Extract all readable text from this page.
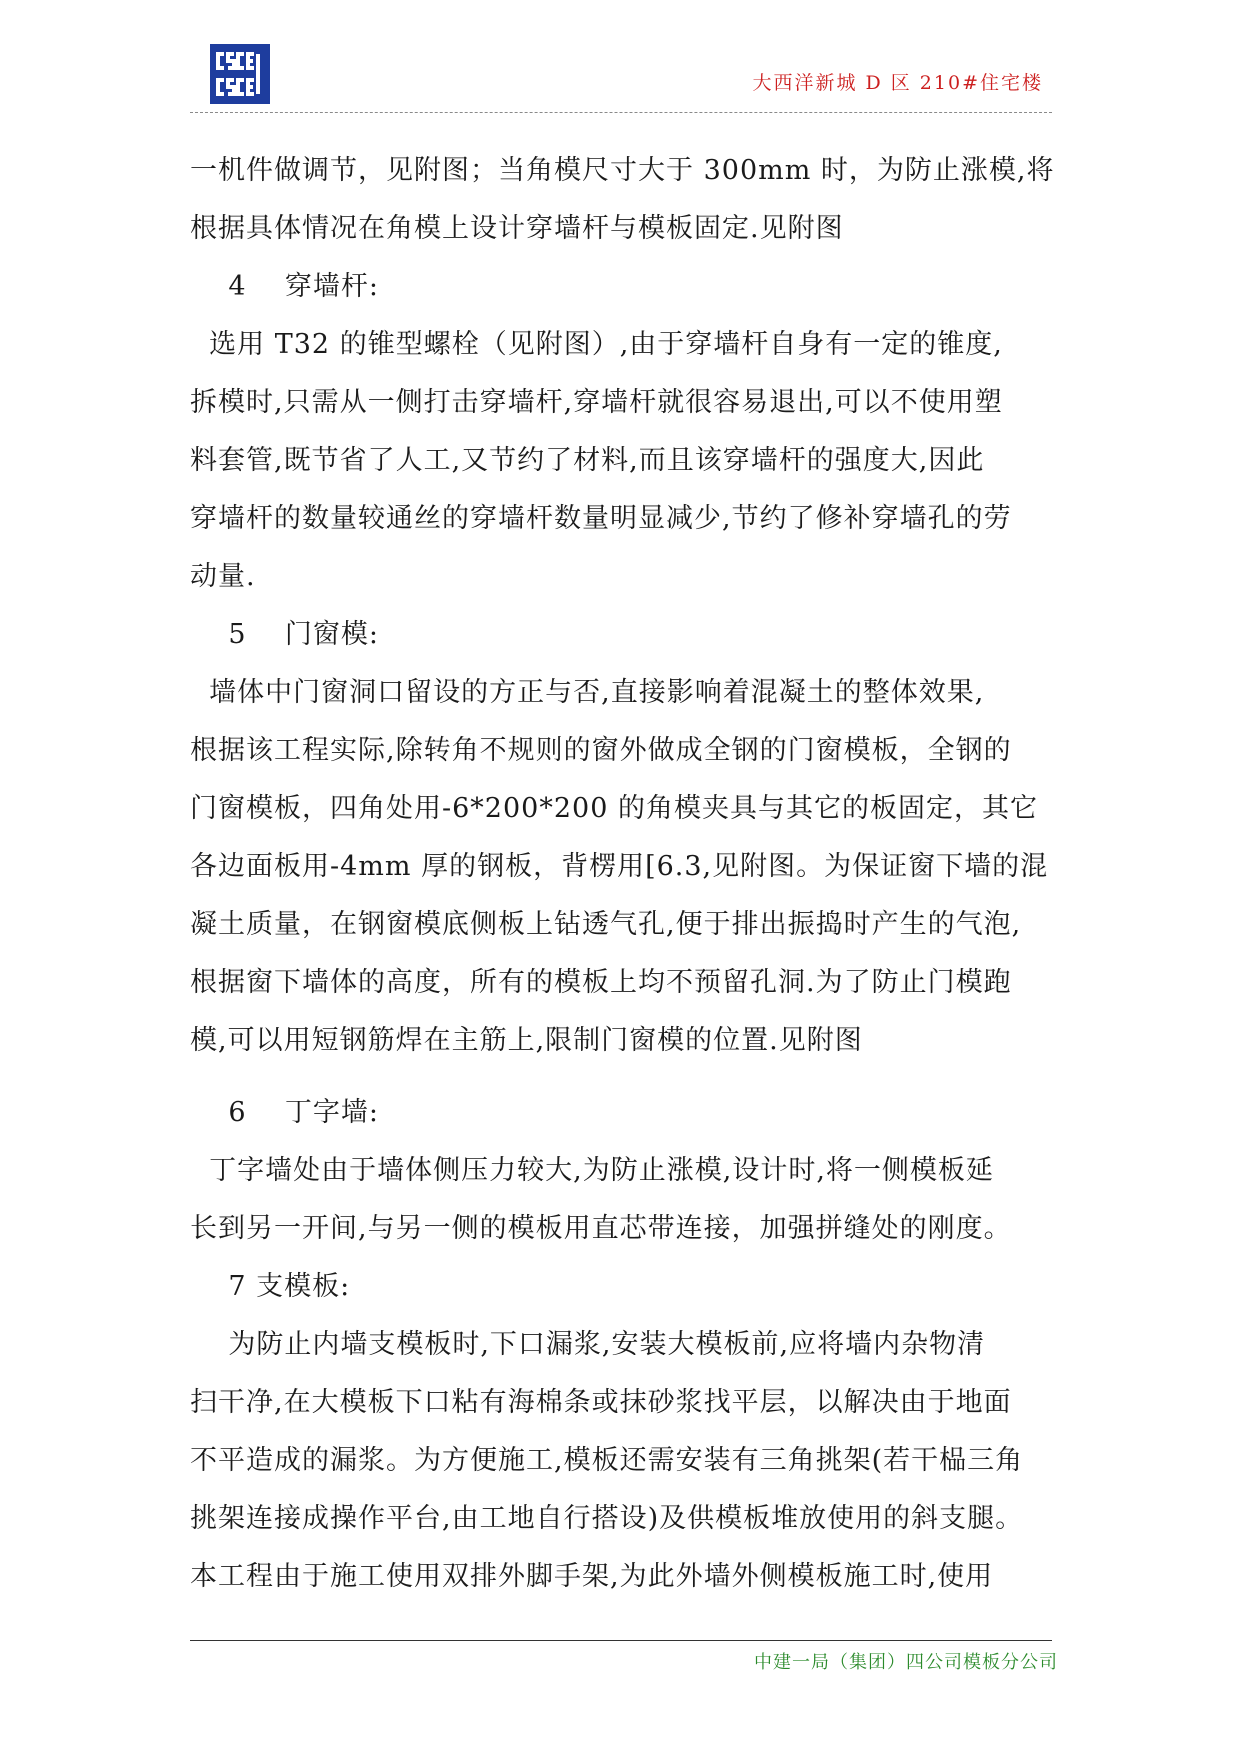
大西洋新城 D 区 210#住宅楼
一机件做调节，见附图；当角模尺寸大于 300mm 时，为防止涨模,将
根据具体情况在角模上设计穿墙杆与模板固定.见附图
4    穿墙杆:
选用 T32 的锥型螺栓（见附图）,由于穿墙杆自身有一定的锥度,
拆模时,只需从一侧打击穿墙杆,穿墙杆就很容易退出,可以不使用塑
料套管,既节省了人工,又节约了材料,而且该穿墙杆的强度大,因此
穿墙杆的数量较通丝的穿墙杆数量明显减少,节约了修补穿墙孔的劳
动量.
5    门窗模:
墙体中门窗洞口留设的方正与否,直接影响着混凝土的整体效果,
根据该工程实际,除转角不规则的窗外做成全钢的门窗模板，全钢的
门窗模板，四角处用-6*200*200 的角模夹具与其它的板固定，其它
各边面板用-4mm 厚的钢板，背楞用[6.3,见附图。为保证窗下墙的混
凝土质量，在钢窗模底侧板上钻透气孔,便于排出振捣时产生的气泡,
根据窗下墙体的高度，所有的模板上均不预留孔洞.为了防止门模跑
模,可以用短钢筋焊在主筋上,限制门窗模的位置.见附图
6    丁字墙:
丁字墙处由于墙体侧压力较大,为防止涨模,设计时,将一侧模板延
长到另一开间,与另一侧的模板用直芯带连接，加强拼缝处的刚度。
7 支模板:
为防止内墙支模板时,下口漏浆,安装大模板前,应将墙内杂物清
扫干净,在大模板下口粘有海棉条或抹砂浆找平层，以解决由于地面
不平造成的漏浆。为方便施工,模板还需安装有三角挑架(若干榀三角
挑架连接成操作平台,由工地自行搭设)及供模板堆放使用的斜支腿。
本工程由于施工使用双排外脚手架,为此外墙外侧模板施工时,使用
中建一局（集团）四公司模板分公司
